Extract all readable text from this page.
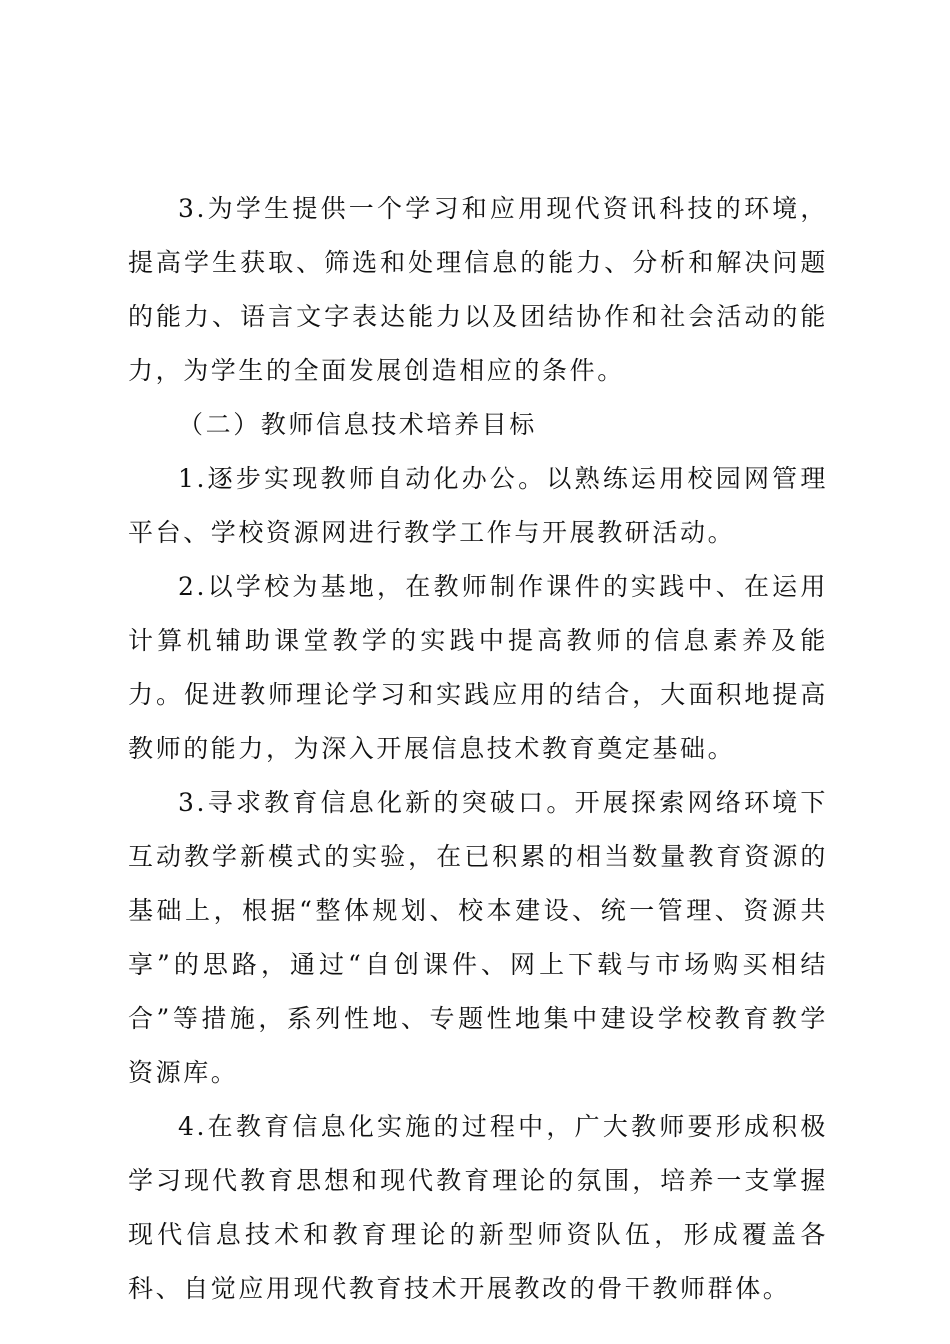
3.为学生提供一个学习和应用现代资讯科技的环境，提高学生获取、筛选和处理信息的能力、分析和解决问题的能力、语言文字表达能力以及团结协作和社会活动的能力，为学生的全面发展创造相应的条件。

（二）教师信息技术培养目标

1.逐步实现教师自动化办公。以熟练运用校园网管理平台、学校资源网进行教学工作与开展教研活动。

2.以学校为基地，在教师制作课件的实践中、在运用计算机辅助课堂教学的实践中提高教师的信息素养及能力。促进教师理论学习和实践应用的结合，大面积地提高教师的能力，为深入开展信息技术教育奠定基础。

3.寻求教育信息化新的突破口。开展探索网络环境下互动教学新模式的实验，在已积累的相当数量教育资源的基础上，根据“整体规划、校本建设、统一管理、资源共享”的思路，通过“自创课件、网上下载与市场购买相结合”等措施，系列性地、专题性地集中建设学校教育教学资源库。

4.在教育信息化实施的过程中，广大教师要形成积极学习现代教育思想和现代教育理论的氛围，培养一支掌握现代信息技术和教育理论的新型师资队伍，形成覆盖各科、自觉应用现代教育技术开展教改的骨干教师群体。
